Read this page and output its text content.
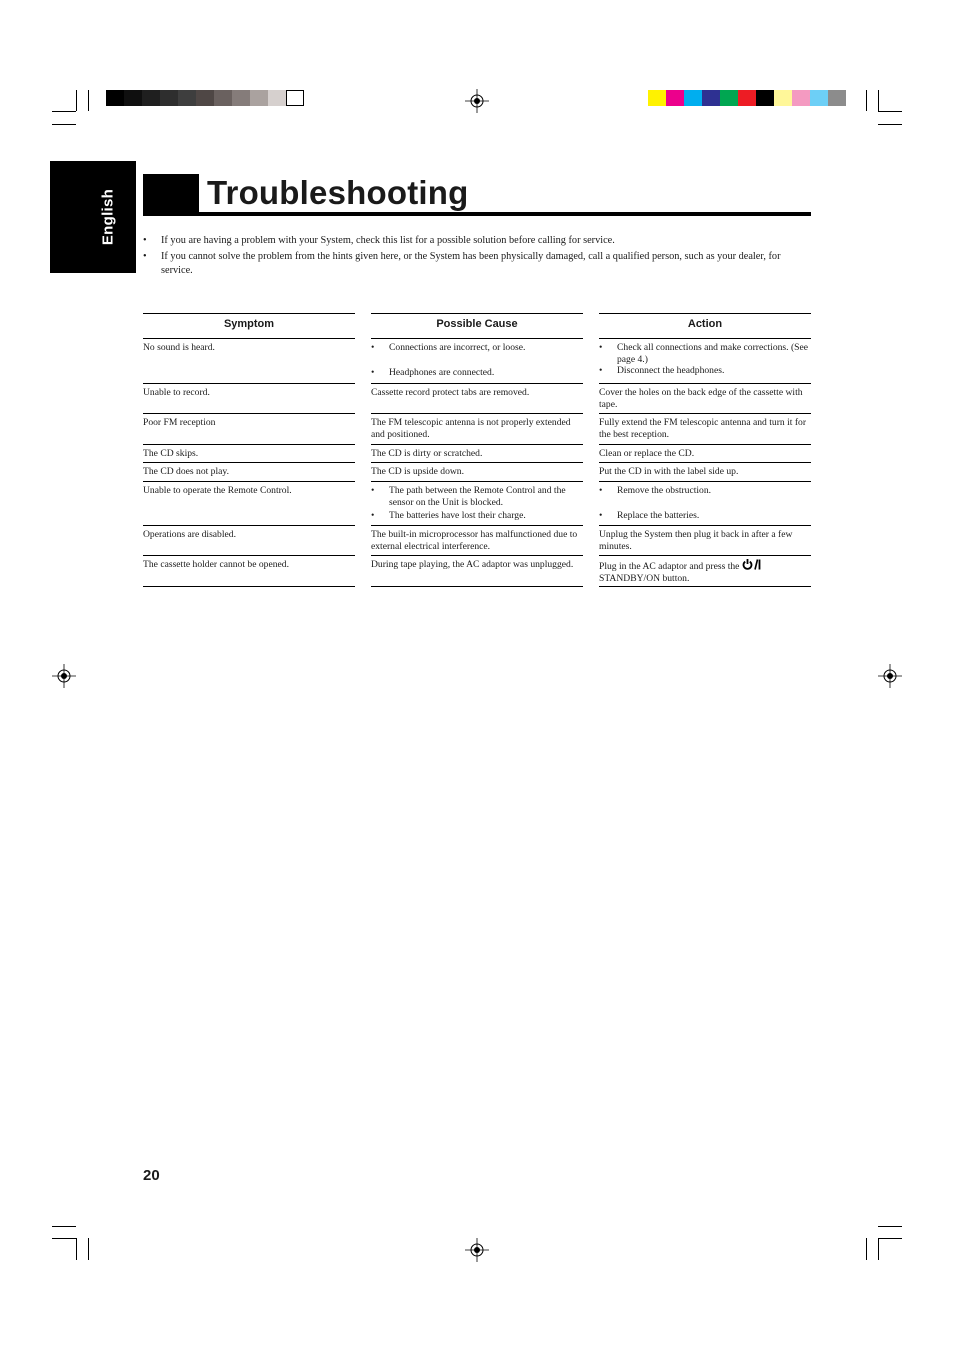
English	Troubleshooting
• If you are having a problem with your System, check this list for a possible solution before calling for service.
• If you cannot solve the problem from the hints given here, or the System has been physically damaged, call a qualified person, such as your dealer, for service.
Symptom
No sound is heard.
Unable to record.
Poor FM reception
The CD skips.
The CD does not play.
Unable to operate the Remote Control.
Operations are disabled.
The cassette holder cannot be opened.
Possible Cause
• Connections are incorrect, or loose.
• Headphones are connected.
Cassette record protect tabs are removed.
The FM telescopic antenna is not properly extended and positioned.
The CD is dirty or scratched.
The CD is upside down.
• The path between the Remote Control and the sensor on the Unit is blocked.
• The batteries have lost their charge.
The built-in microprocessor has malfunctioned due to external electrical interference.
During tape playing, the AC adaptor was unplugged.
Action
• Check all connections and make corrections. (See page 4.)
• Disconnect the headphones.
Cover the holes on the back edge of the cassette with tape.
Fully extend the FM telescopic antenna and turn it for the best reception.
Clean or replace the CD.
Put the CD in with the label side up.
• Remove the obstruction.
• Replace the batteries.
Unplug the System then plug it back in after a few minutes.
Plug in the AC adaptor and press the
STANDBY/ON button.
20
